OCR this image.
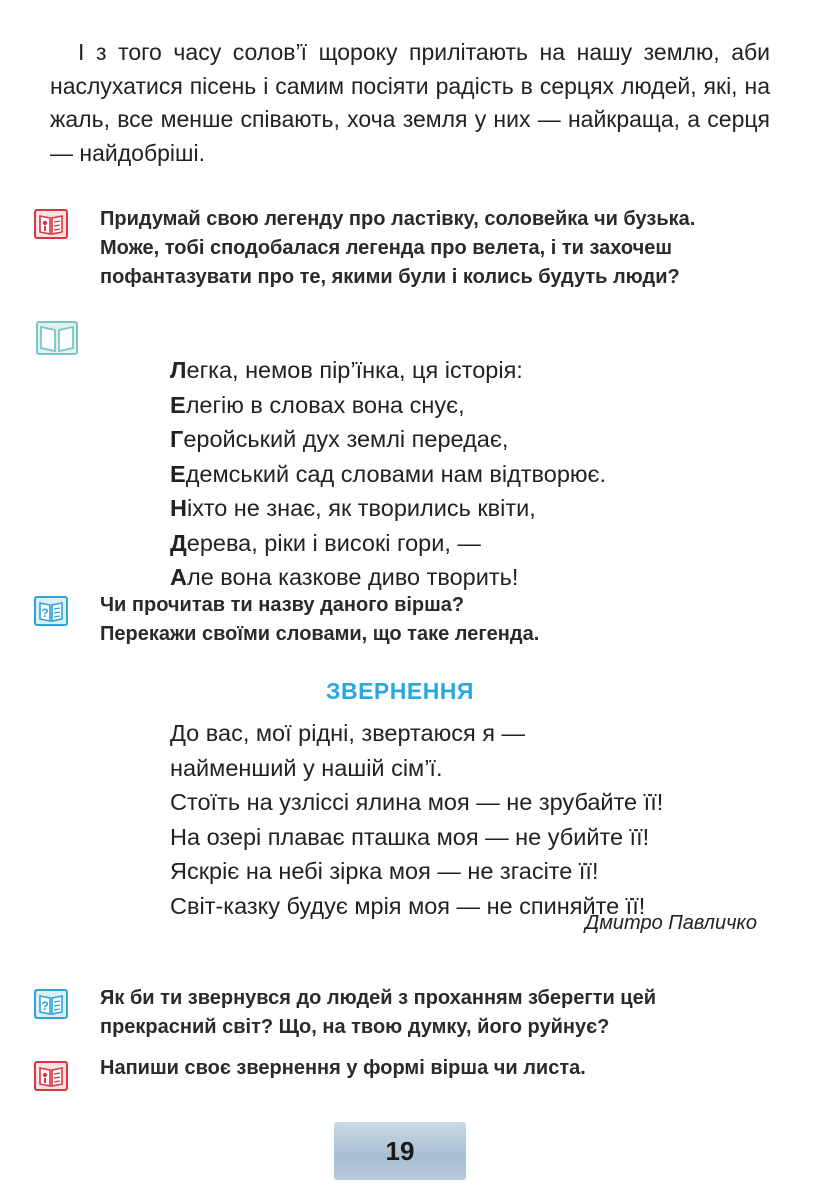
І з того часу солов’ї щороку прилітають на нашу землю, аби наслухатися пісень і самим посіяти радість в серцях людей, які, на жаль, все менше співають, хоча земля у них — найкраща, а серця — найдобріші.

Придумай свою легенду про ластівку, соловейка чи бузька.
Може, тобі сподобалася легенда про велета, і ти захочеш
пофантазувати про те, якими були і колись будуть люди?
Легка, немов пір’їнка, ця історія:
Елегію в словах вона снує,
Геройський дух землі передає,
Едемський сад словами нам відтворює.
Ніхто не знає, як творились квіти,
Дерева, ріки і високі гори, —
Але вона казкове диво творить!
?	Чи прочитав ти назву даного вірша?
Перекажи своїми словами, що таке легенда.
ЗВЕРНЕННЯ
До вас, мої рідні, звертаюся я —
найменший у нашій сім’ї.
Стоїть на узліссі ялина моя — не зрубайте її!
На озері плаває пташка моя — не убийте її!
Яскріє на небі зірка моя — не згасіте її!
Світ-казку будує мрія моя — не спиняйте її!
Дмитро Павличко
?	Як би ти звернувся до людей з проханням зберегти цей
прекрасний світ? Що, на твою думку, його руйнує?
Напиши своє звернення у формі вірша чи листа.
19
